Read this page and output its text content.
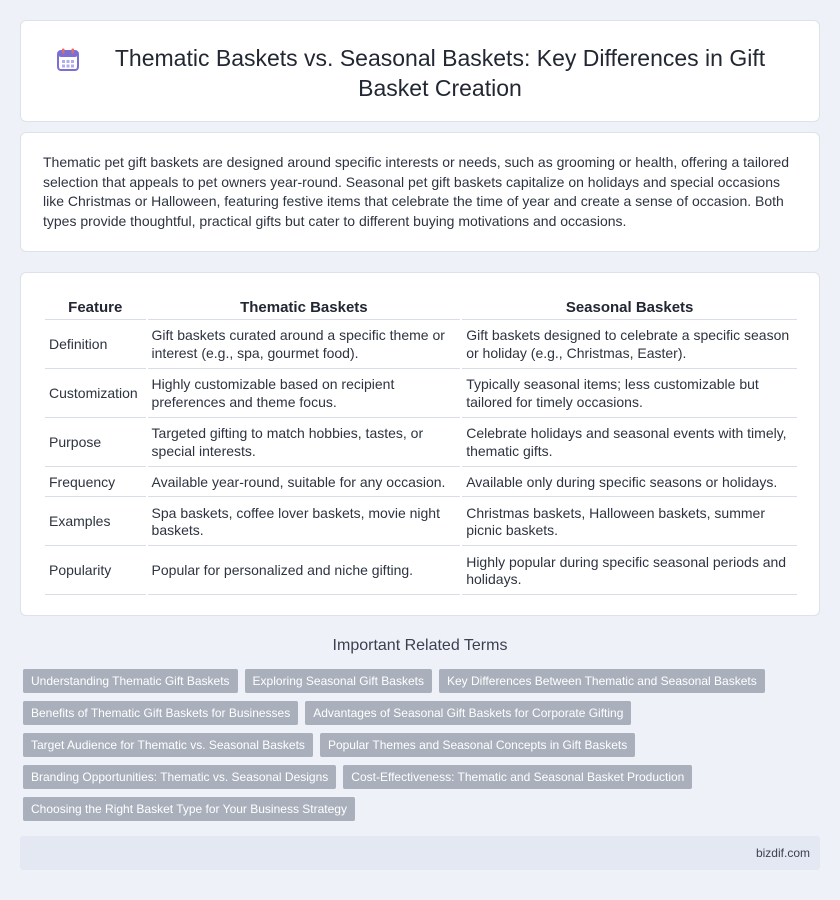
Thematic Baskets vs. Seasonal Baskets: Key Differences in Gift Basket Creation

Thematic pet gift baskets are designed around specific interests or needs, such as grooming or health, offering a tailored selection that appeals to pet owners year-round. Seasonal pet gift baskets capitalize on holidays and special occasions like Christmas or Halloween, featuring festive items that celebrate the time of year and create a sense of occasion. Both types provide thoughtful, practical gifts but cater to different buying motivations and occasions.

Feature	Thematic Baskets	Seasonal Baskets
Definition	Gift baskets curated around a specific theme or interest (e.g., spa, gourmet food).	Gift baskets designed to celebrate a specific season or holiday (e.g., Christmas, Easter).
Customization	Highly customizable based on recipient preferences and theme focus.	Typically seasonal items; less customizable but tailored for timely occasions.
Purpose	Targeted gifting to match hobbies, tastes, or special interests.	Celebrate holidays and seasonal events with timely, thematic gifts.
Frequency	Available year-round, suitable for any occasion.	Available only during specific seasons or holidays.
Examples	Spa baskets, coffee lover baskets, movie night baskets.	Christmas baskets, Halloween baskets, summer picnic baskets.
Popularity	Popular for personalized and niche gifting.	Highly popular during specific seasonal periods and holidays.
Important Related Terms
Understanding Thematic Gift Baskets	Exploring Seasonal Gift Baskets	Key Differences Between Thematic and Seasonal Baskets
Benefits of Thematic Gift Baskets for Businesses	Advantages of Seasonal Gift Baskets for Corporate Gifting
Target Audience for Thematic vs. Seasonal Baskets	Popular Themes and Seasonal Concepts in Gift Baskets
Branding Opportunities: Thematic vs. Seasonal Designs	Cost-Effectiveness: Thematic and Seasonal Basket Production
Choosing the Right Basket Type for Your Business Strategy
bizdif.com
